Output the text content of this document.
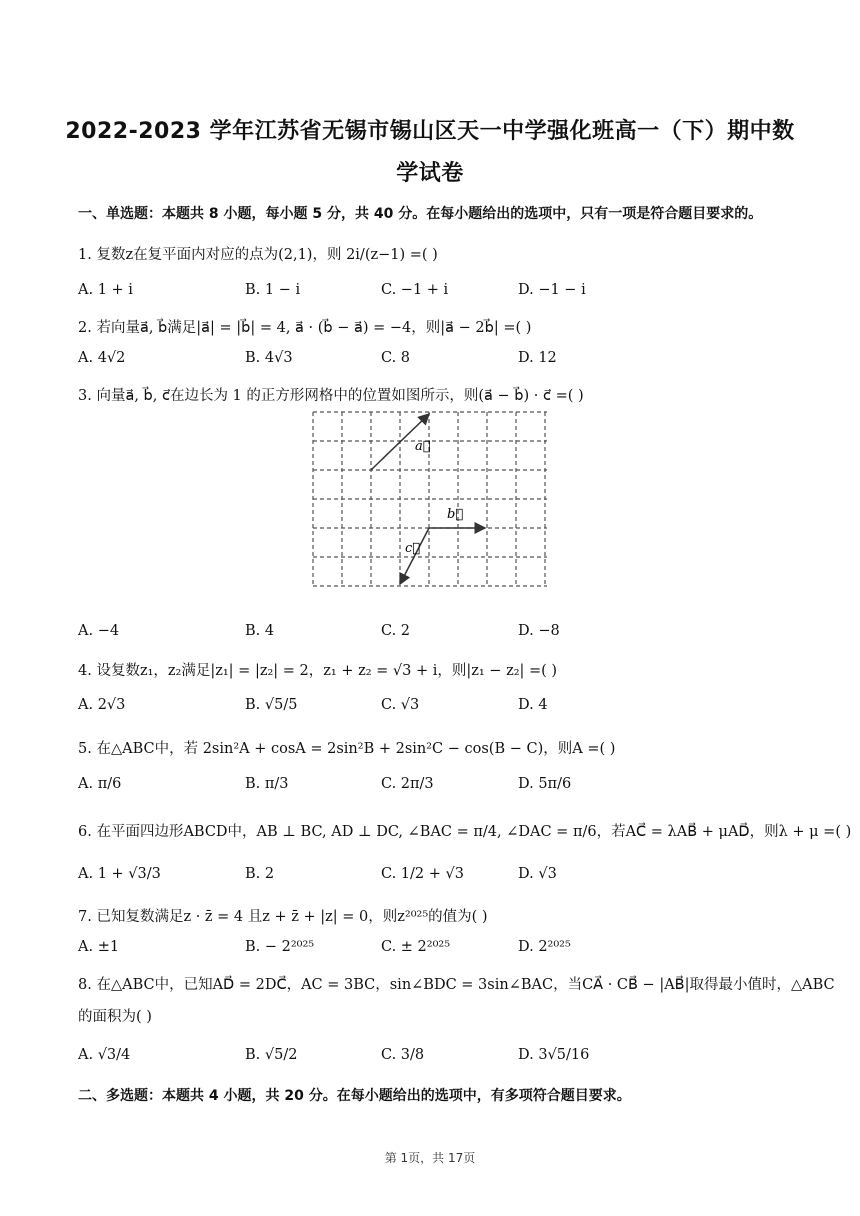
2022-2023 学年江苏省无锡市锡山区天一中学强化班高一（下）期中数
学试卷
一、单选题：本题共 8 小题，每小题 5 分，共 40 分。在每小题给出的选项中，只有一项是符合题目要求的。
1. 复数z在复平面内对应的点为(2,1)，则 2i/(z−1) =( )
A. 1 + i	B. 1 − i	C. −1 + i	D. −1 − i
2. 若向量a⃗, b⃗满足|a⃗| = |b⃗| = 4, a⃗ · (b⃗ − a⃗) = −4，则|a⃗ − 2b⃗| =( )
A. 4√2	B. 4√3	C. 8	D. 12
3. 向量a⃗, b⃗, c⃗在边长为 1 的正方形网格中的位置如图所示，则(a⃗ − b⃗) · c⃗ =( )
a⃗
b⃗
c⃗
A. −4	B. 4	C. 2	D. −8
4. 设复数z₁，z₂满足|z₁| = |z₂| = 2，z₁ + z₂ = √3 + i，则|z₁ − z₂| =( )
A. 2√3	B. √5/5	C. √3	D. 4
5. 在△ABC中，若 2sin²A + cosA = 2sin²B + 2sin²C − cos(B − C)，则A =( )
A. π/6	B. π/3	C. 2π/3	D. 5π/6
6. 在平面四边形ABCD中，AB ⊥ BC, AD ⊥ DC, ∠BAC = π/4, ∠DAC = π/6，若AC⃗ = λAB⃗ + μAD⃗，则λ + μ =( )
A. 1 + √3/3	B. 2	C. 1/2 + √3	D. √3
7. 已知复数满足z · z̄ = 4 且z + z̄ + |z| = 0，则z²⁰²⁵的值为( )
A. ±1	B. − 2²⁰²⁵	C. ± 2²⁰²⁵	D. 2²⁰²⁵
8. 在△ABC中，已知AD⃗ = 2DC⃗，AC = 3BC，sin∠BDC = 3sin∠BAC，当CA⃗ · CB⃗ − |AB⃗|取得最小值时，△ABC
的面积为( )
A. √3/4	B. √5/2	C. 3/8	D. 3√5/16
二、多选题：本题共 4 小题，共 20 分。在每小题给出的选项中，有多项符合题目要求。
第 1页，共 17页
